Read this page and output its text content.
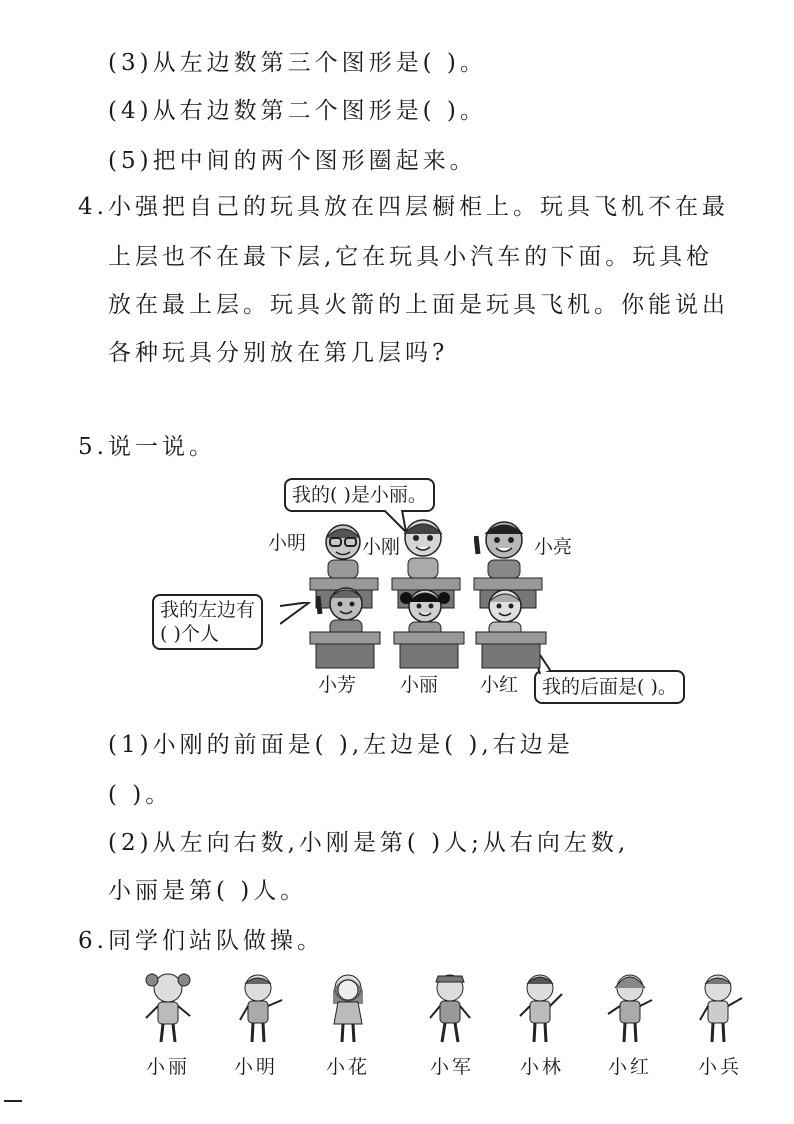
(3)从左边数第三个图形是( )。
(4)从右边数第二个图形是( )。
(5)把中间的两个图形圈起来。
4.小强把自己的玩具放在四层橱柜上。玩具飞机不在最
上层也不在最下层,它在玩具小汽车的下面。玩具枪
放在最上层。玩具火箭的上面是玩具飞机。你能说出
各种玩具分别放在第几层吗?
5.说一说。
我的( )是小丽。
我的左边有
( )个人
我的后面是( )。
小明	小刚	小亮
小芳 小丽 小红
(1)小刚的前面是( ),左边是( ),右边是
( )。
(2)从左向右数,小刚是第( )人;从右向左数,
小丽是第( )人。
6.同学们站队做操。
小丽 小明	小花	小军 小林 小红 小兵
